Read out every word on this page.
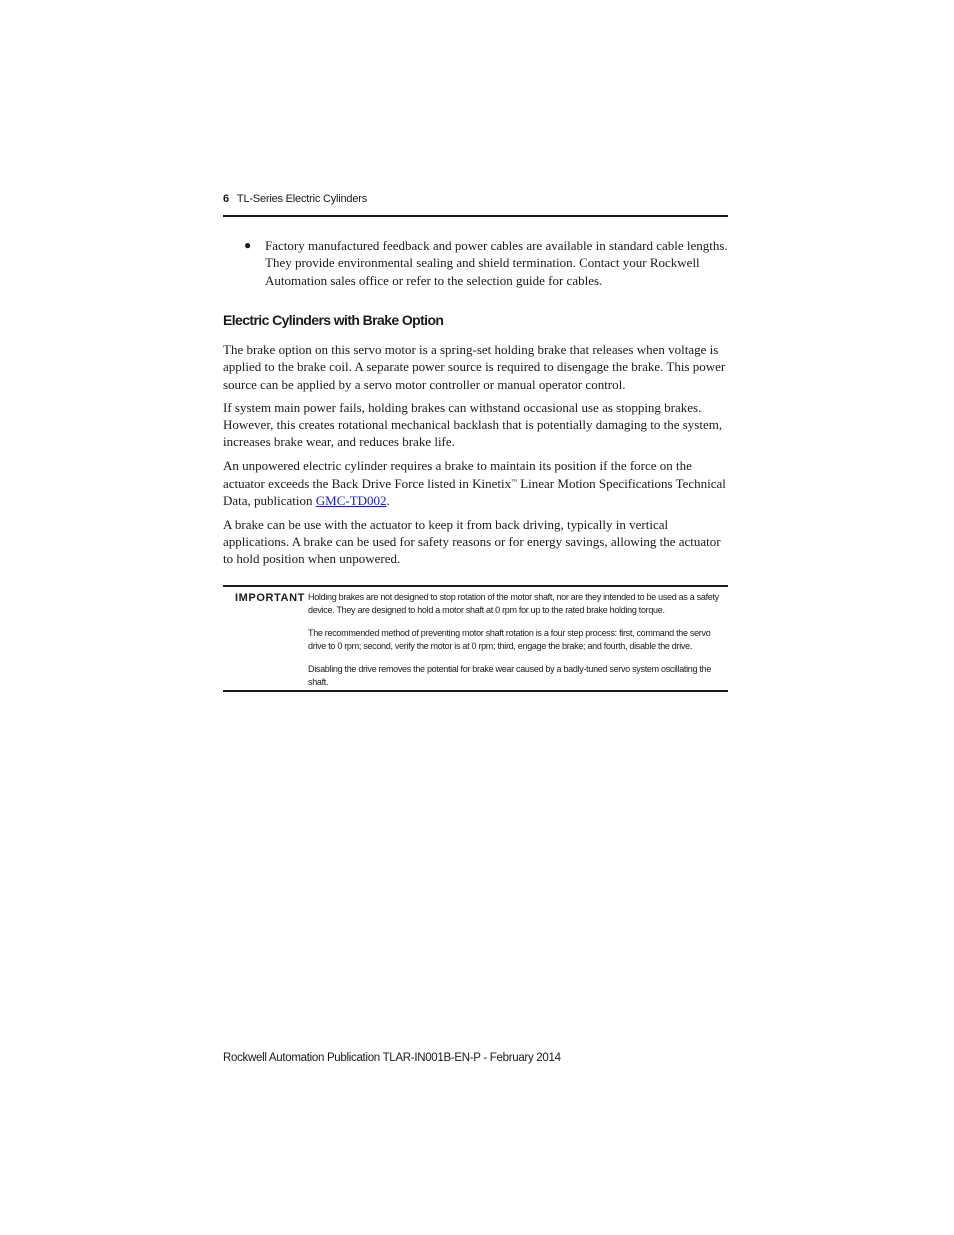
6 TL-Series Electric Cylinders

● Factory manufactured feedback and power cables are available in standard cable lengths. They provide environmental sealing and shield termination. Contact your Rockwell Automation sales office or refer to the selection guide for cables.

Electric Cylinders with Brake Option

The brake option on this servo motor is a spring-set holding brake that releases when voltage is applied to the brake coil. A separate power source is required to disengage the brake. This power source can be applied by a servo motor controller or manual operator control.

If system main power fails, holding brakes can withstand occasional use as stopping brakes. However, this creates rotational mechanical backlash that is potentially damaging to the system, increases brake wear, and reduces brake life.

An unpowered electric cylinder requires a brake to maintain its position if the force on the actuator exceeds the Back Drive Force listed in Kinetix™ Linear Motion Specifications Technical Data, publication GMC-TD002.

A brake can be use with the actuator to keep it from back driving, typically in vertical applications. A brake can be used for safety reasons or for energy savings, allowing the actuator to hold position when unpowered.

IMPORTANT Holding brakes are not designed to stop rotation of the motor shaft, nor are they intended to be used as a safety device. They are designed to hold a motor shaft at 0 rpm for up to the rated brake holding torque.

The recommended method of preventing motor shaft rotation is a four step process: first, command the servo drive to 0 rpm; second, verify the motor is at 0 rpm; third, engage the brake; and fourth, disable the drive.

Disabling the drive removes the potential for brake wear caused by a badly-tuned servo system oscillating the shaft.

Rockwell Automation Publication TLAR-IN001B-EN-P - February 2014
